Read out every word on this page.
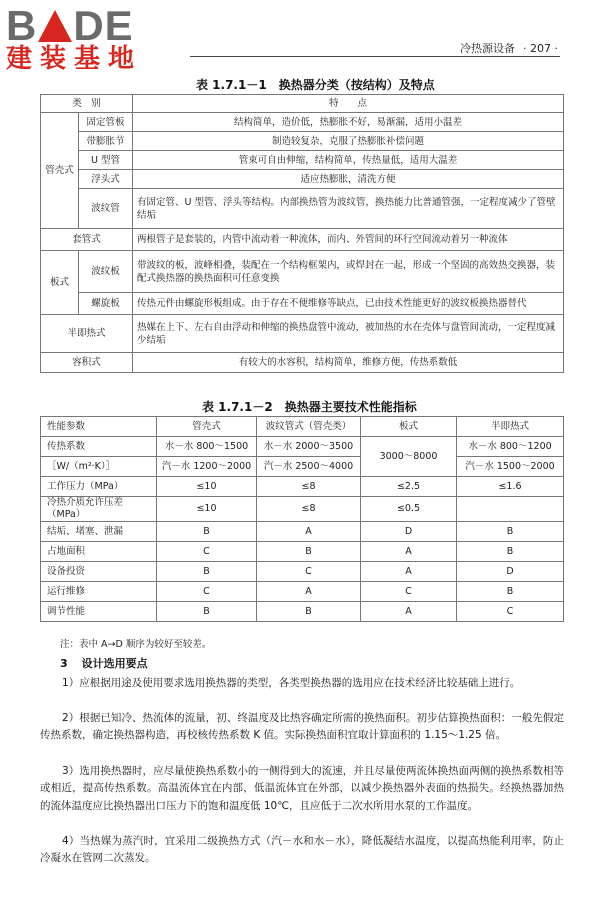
B DE
建装基地	冷热源设备 · 207 ·
表 1.7.1－1 换热器分类（按结构）及特点
类　别		特　　点
管壳式	固定管板	结构简单，造价低，热膨胀不好，易渐漏，适用小温差
	带膨胀节	制造较复杂，克服了热膨胀补偿问题
	U 型管	管束可自由伸缩，结构简单，传热量低，适用大温差
	浮头式	适应热膨胀，清洗方便
	波纹管	有固定管、U 型管、浮头等结构。内部换热管为波纹管，换热能力比普通管强，一定程度减少了管壁结垢
套管式		两根管子是套装的，内管中流动着一种流体，而内、外管间的环行空间流动着另一种流体
板式	波纹板	带波纹的板，波峰相叠，装配在一个结构框架内，或焊封在一起，形成一个坚固的高效热交换器，装配式换热器的换热面积可任意变换
	螺旋板	传热元件由螺旋形板组成。由于存在不便维修等缺点，已由技术性能更好的波纹板换热器替代
半即热式		热媒在上下、左右自由浮动和伸缩的换热盘管中流动，被加热的水在壳体与盘管间流动，一定程度减少结垢
容积式		有较大的水容积，结构简单，维修方便，传热系数低
表 1.7.1－2 换热器主要技术性能指标
性能参数	管壳式	波纹管式（管壳类）	板式	半即热式
传热系数	水－水 800～1500	水－水 2000～3500	3000～8000	水－水 800～1200
［W/（m²·K）］	汽－水 1200～2000	汽－水 2500～4000		汽－水 1500～2000
工作压力（MPa）	≤10	≤8	≤2.5	≤1.6
冷热介质允许压差（MPa）	≤10	≤8	≤0.5	
结垢、堵塞、泄漏	B	A	D	B
占地面积	C	B	A	B
设备投资	B	C	A	D
运行维修	C	A	C	B
调节性能	B	B	A	C
注：表中 A→D 顺序为较好至较差。
3 设计选用要点

1）应根据用途及使用要求选用换热器的类型，各类型换热器的选用应在技术经济比较基础上进行。

2）根据已知冷、热流体的流量，初、终温度及比热容确定所需的换热面积。初步估算换热面积：一般先假定传热系数，确定换热器构造，再校核传热系数 K 值。实际换热面积宜取计算面积的 1.15～1.25 倍。

3）选用换热器时，应尽量使换热系数小的一侧得到大的流速，并且尽量使两流体换热面两侧的换热系数相等或相近，提高传热系数。高温流体宜在内部，低温流体宜在外部，以减少换热器外表面的热损失。经换热器加热的流体温度应比换热器出口压力下的饱和温度低 10℃，且应低于二次水所用水泵的工作温度。

4）当热媒为蒸汽时，宜采用二级换热方式（汽－水和水－水），降低凝结水温度，以提高热能利用率，防止冷凝水在管网二次蒸发。
